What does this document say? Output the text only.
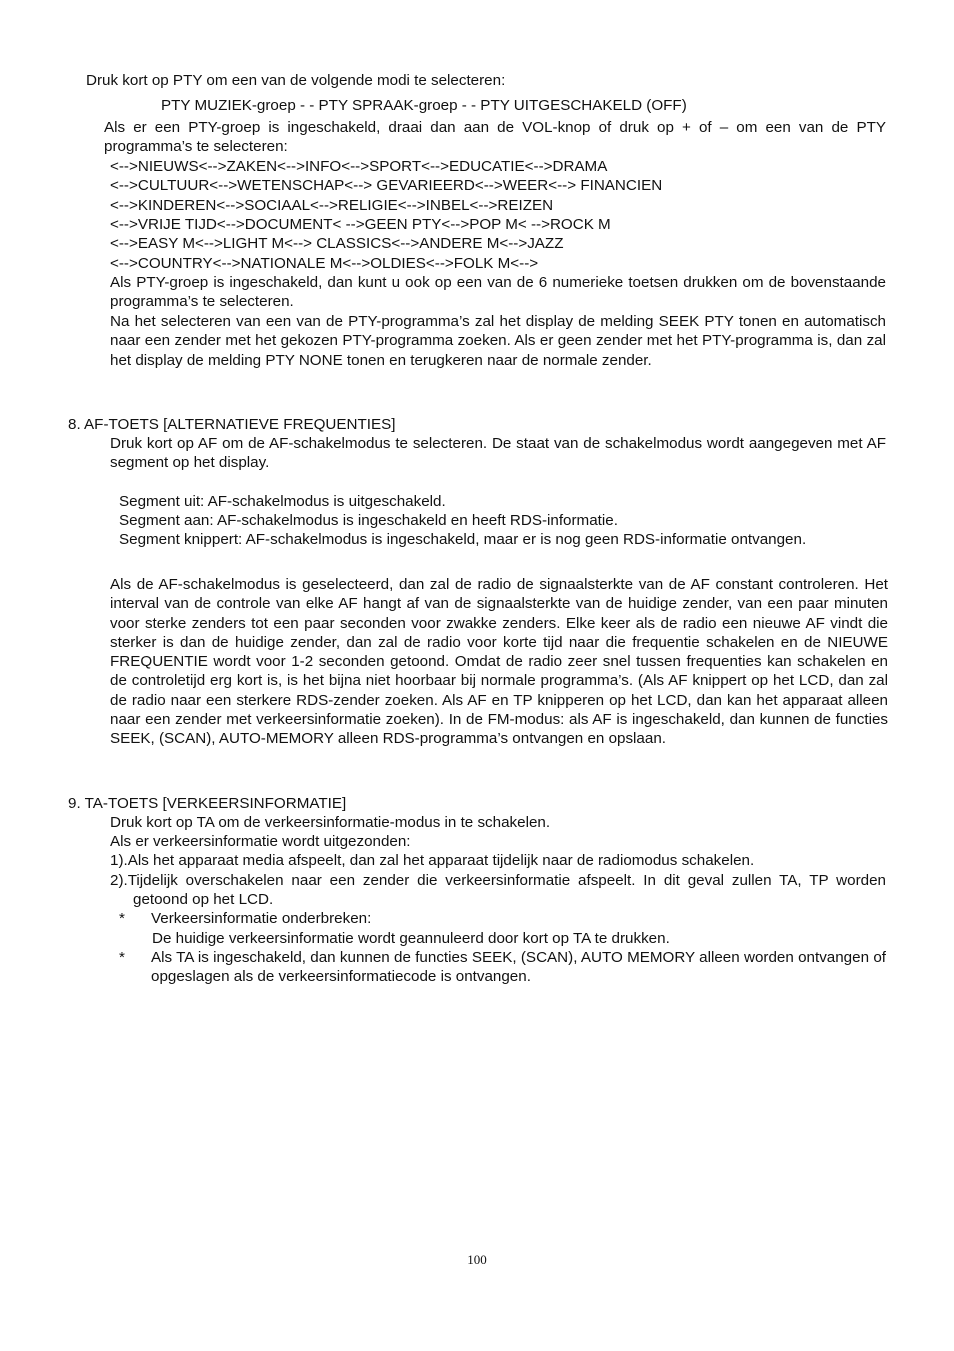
Druk kort op PTY om een van de volgende modi te selecteren:
PTY MUZIEK-groep - - PTY SPRAAK-groep - - PTY UITGESCHAKELD (OFF)
Als er een PTY-groep is ingeschakeld, draai dan aan de VOL-knop of druk op + of – om een van de PTY programma’s te selecteren:
<-->NIEUWS<-->ZAKEN<-->INFO<-->SPORT<-->EDUCATIE<-->DRAMA
<-->CULTUUR<-->WETENSCHAP<--> GEVARIEERD<-->WEER<--> FINANCIEN
<-->KINDEREN<-->SOCIAAL<-->RELIGIE<-->INBEL<-->REIZEN
<-->VRIJE TIJD<-->DOCUMENT< -->GEEN PTY<-->POP M< -->ROCK M
<-->EASY M<-->LIGHT M<--> CLASSICS<-->ANDERE M<-->JAZZ
<-->COUNTRY<-->NATIONALE M<-->OLDIES<-->FOLK M<-->
Als PTY-groep is ingeschakeld, dan kunt u ook op een van de 6 numerieke toetsen drukken om de bovenstaande programma’s te selecteren.
Na het selecteren van een van de PTY-programma’s zal het display de melding SEEK PTY tonen en automatisch naar een zender met het gekozen PTY-programma zoeken. Als er geen zender met het PTY-programma is, dan zal het display de melding PTY NONE tonen en terugkeren naar de normale zender.
8. AF-TOETS [ALTERNATIEVE FREQUENTIES]
Druk kort op AF om de AF-schakelmodus te selecteren. De staat van de schakelmodus wordt aangegeven met AF segment op het display.
Segment uit: AF-schakelmodus is uitgeschakeld.
Segment aan: AF-schakelmodus is ingeschakeld en heeft RDS-informatie.
Segment knippert: AF-schakelmodus is ingeschakeld, maar er is nog geen RDS-informatie ontvangen.
Als de AF-schakelmodus is geselecteerd, dan zal de radio de signaalsterkte van de AF constant controleren. Het interval van de controle van elke AF hangt af van de signaalsterkte van de huidige zender, van een paar minuten voor sterke zenders tot een paar seconden voor zwakke zenders. Elke keer als de radio een nieuwe AF vindt die sterker is dan de huidige zender, dan zal de radio voor korte tijd naar die frequentie schakelen en de NIEUWE FREQUENTIE wordt voor 1-2 seconden getoond. Omdat de radio zeer snel tussen frequenties kan schakelen en de controletijd erg kort is, is het bijna niet hoorbaar bij normale programma’s. (Als AF knippert op het LCD, dan zal de radio naar een sterkere RDS-zender zoeken. Als AF en TP knipperen op het LCD, dan kan het apparaat alleen naar een zender met verkeersinformatie zoeken). In de FM-modus: als AF is ingeschakeld, dan kunnen de functies SEEK, (SCAN), AUTO-MEMORY alleen RDS-programma’s ontvangen en opslaan.
9. TA-TOETS [VERKEERSINFORMATIE]
Druk kort op TA om de verkeersinformatie-modus in te schakelen.
Als er verkeersinformatie wordt uitgezonden:
1).Als het apparaat media afspeelt, dan zal het apparaat tijdelijk naar de radiomodus schakelen.
2).Tijdelijk overschakelen naar een zender die verkeersinformatie afspeelt. In dit geval zullen TA, TP worden getoond op het LCD.
* Verkeersinformatie onderbreken:
De huidige verkeersinformatie wordt geannuleerd door kort op TA te drukken.
* Als TA is ingeschakeld, dan kunnen de functies SEEK, (SCAN), AUTO MEMORY alleen worden ontvangen of opgeslagen als de verkeersinformatiecode is ontvangen.
100
